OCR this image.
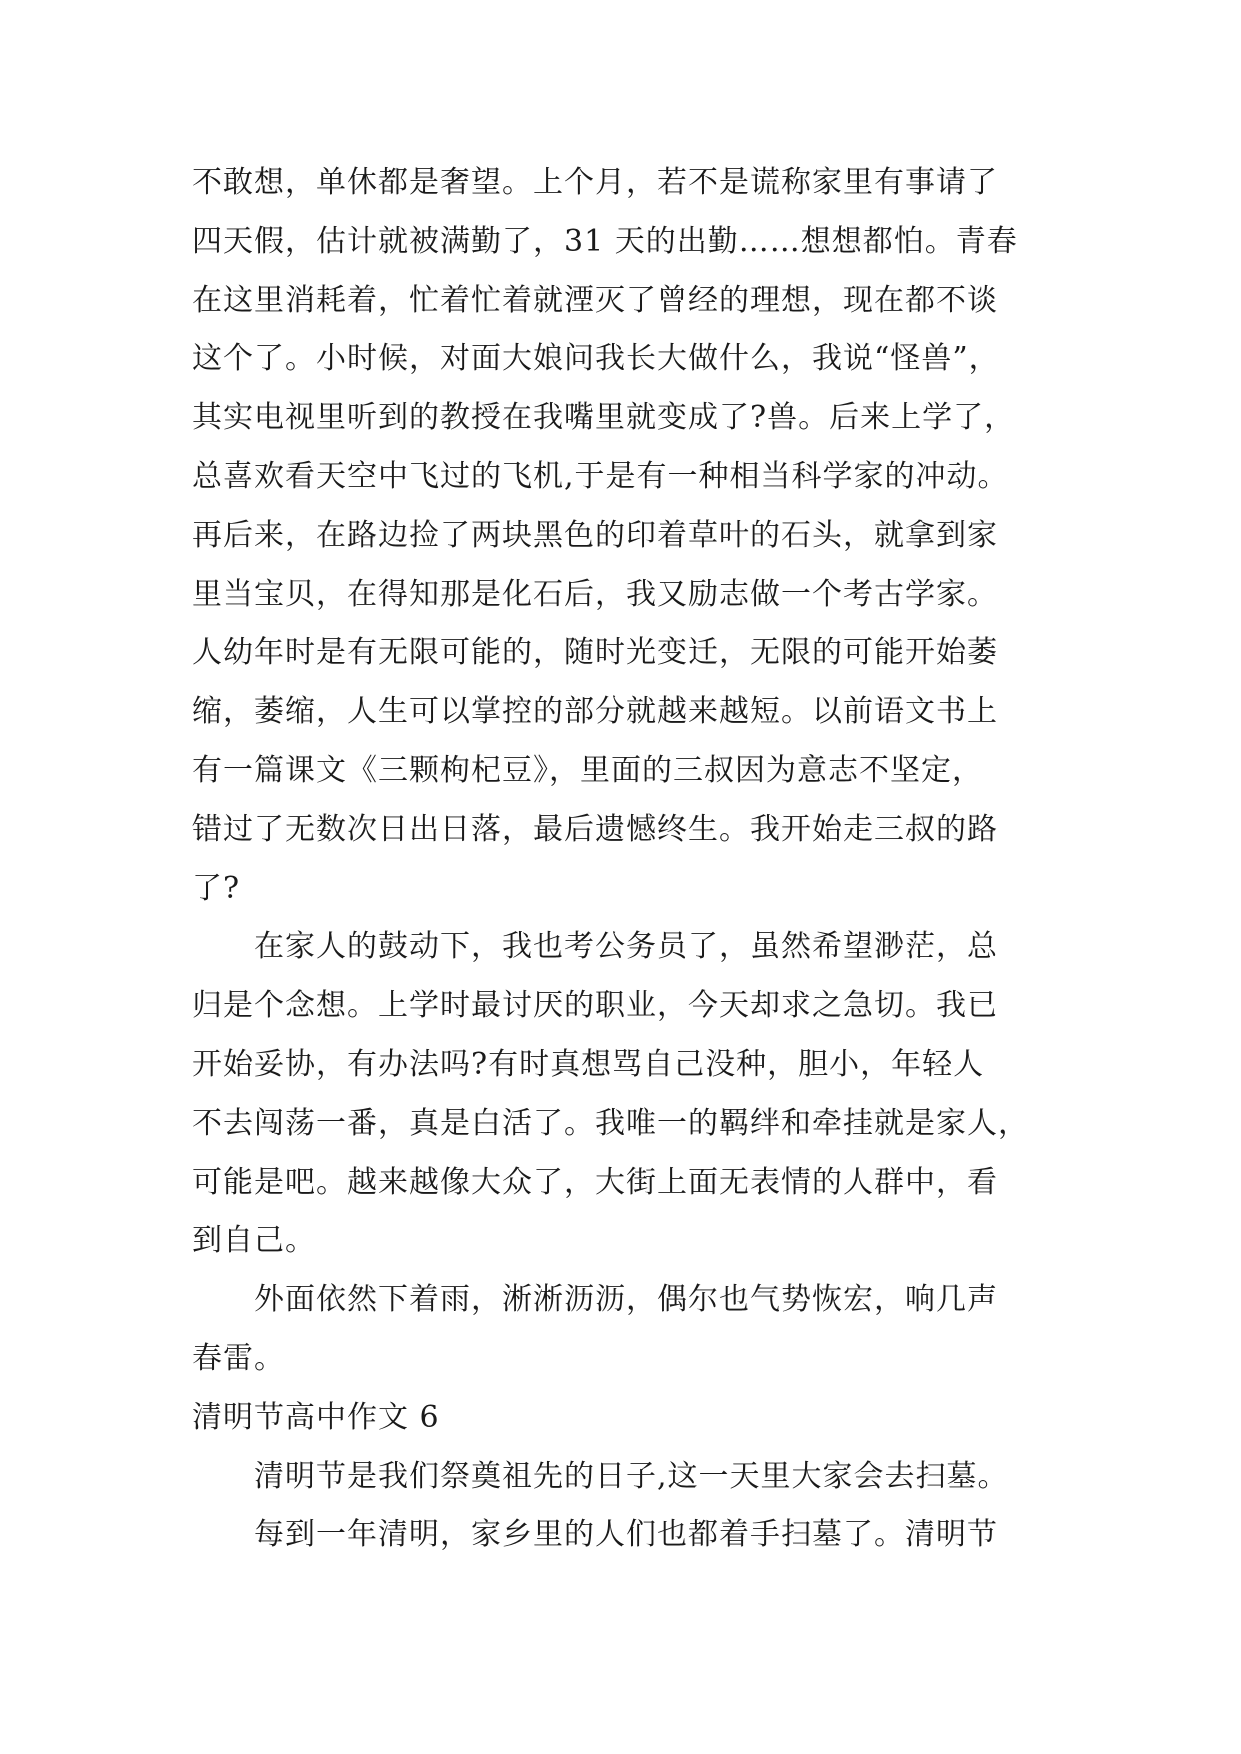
不敢想，单休都是奢望。上个月，若不是谎称家里有事请了
四天假，估计就被满勤了，31 天的出勤……想想都怕。青春
在这里消耗着，忙着忙着就湮灭了曾经的理想，现在都不谈
这个了。小时候，对面大娘问我长大做什么，我说“怪兽”，
其实电视里听到的教授在我嘴里就变成了?兽。后来上学了，
总喜欢看天空中飞过的飞机,于是有一种相当科学家的冲动。
再后来，在路边捡了两块黑色的印着草叶的石头，就拿到家
里当宝贝，在得知那是化石后，我又励志做一个考古学家。
人幼年时是有无限可能的，随时光变迁，无限的可能开始萎
缩，萎缩，人生可以掌控的部分就越来越短。以前语文书上
有一篇课文《三颗枸杞豆》，里面的三叔因为意志不坚定，
错过了无数次日出日落，最后遗憾终生。我开始走三叔的路
了?
　　在家人的鼓动下，我也考公务员了，虽然希望渺茫，总
归是个念想。上学时最讨厌的职业，今天却求之急切。我已
开始妥协，有办法吗?有时真想骂自己没种，胆小，年轻人
不去闯荡一番，真是白活了。我唯一的羁绊和牵挂就是家人，
可能是吧。越来越像大众了，大街上面无表情的人群中，看
到自己。
　　外面依然下着雨，淅淅沥沥，偶尔也气势恢宏，响几声
春雷。
清明节高中作文 6
　　清明节是我们祭奠祖先的日子,这一天里大家会去扫墓。
　　每到一年清明，家乡里的人们也都着手扫墓了。清明节
